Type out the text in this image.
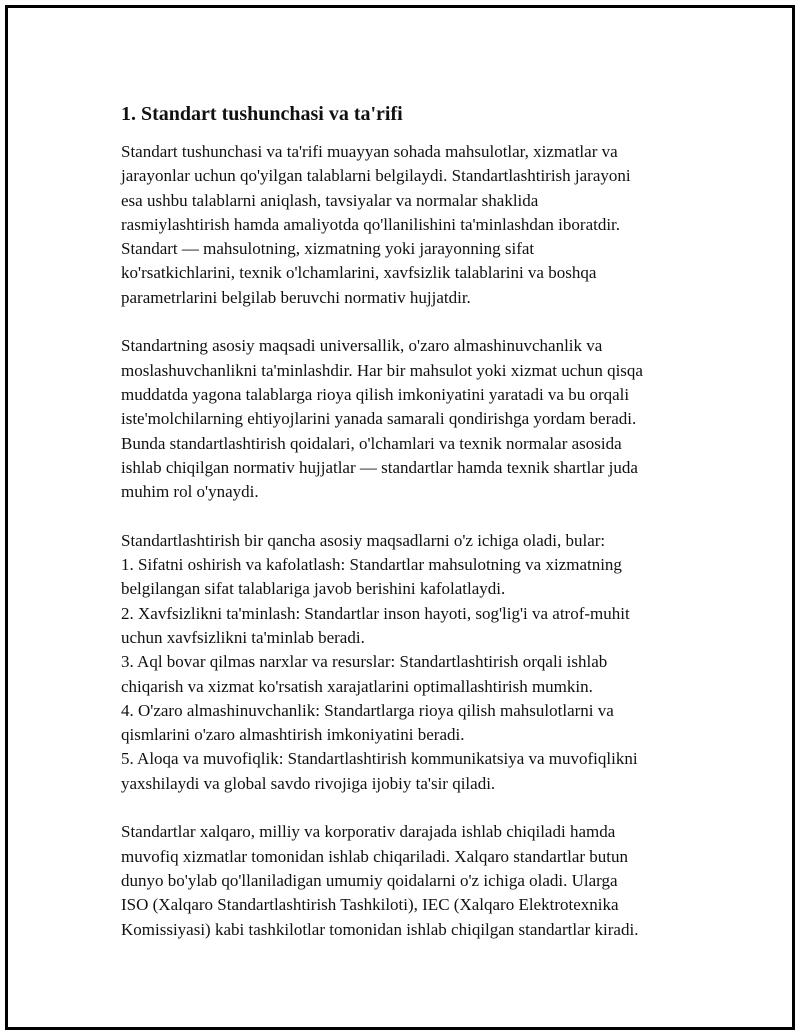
1. Standart tushunchasi va ta'rifi

Standart tushunchasi va ta'rifi muayyan sohada mahsulotlar, xizmatlar va
jarayonlar uchun qo'yilgan talablarni belgilaydi. Standartlashtirish jarayoni
esa ushbu talablarni aniqlash, tavsiyalar va normalar shaklida
rasmiylashtirish hamda amaliyotda qo'llanilishini ta'minlashdan iboratdir.
Standart — mahsulotning, xizmatning yoki jarayonning sifat
ko'rsatkichlarini, texnik o'lchamlarini, xavfsizlik talablarini va boshqa
parametrlarini belgilab beruvchi normativ hujjatdir.

Standartning asosiy maqsadi universallik, o'zaro almashinuvchanlik va
moslashuvchanlikni ta'minlashdir. Har bir mahsulot yoki xizmat uchun qisqa
muddatda yagona talablarga rioya qilish imkoniyatini yaratadi va bu orqali
iste'molchilarning ehtiyojlarini yanada samarali qondirishga yordam beradi.
Bunda standartlashtirish qoidalari, o'lchamlari va texnik normalar asosida
ishlab chiqilgan normativ hujjatlar — standartlar hamda texnik shartlar juda
muhim rol o'ynaydi.

Standartlashtirish bir qancha asosiy maqsadlarni o'z ichiga oladi, bular:
1. Sifatni oshirish va kafolatlash: Standartlar mahsulotning va xizmatning
belgilangan sifat talablariga javob berishini kafolatlaydi.
2. Xavfsizlikni ta'minlash: Standartlar inson hayoti, sog'lig'i va atrof-muhit
uchun xavfsizlikni ta'minlab beradi.
3. Aql bovar qilmas narxlar va resurslar: Standartlashtirish orqali ishlab
chiqarish va xizmat ko'rsatish xarajatlarini optimallashtirish mumkin.
4. O'zaro almashinuvchanlik: Standartlarga rioya qilish mahsulotlarni va
qismlarini o'zaro almashtirish imkoniyatini beradi.
5. Aloqa va muvofiqlik: Standartlashtirish kommunikatsiya va muvofiqlikni
yaxshilaydi va global savdo rivojiga ijobiy ta'sir qiladi.

Standartlar xalqaro, milliy va korporativ darajada ishlab chiqiladi hamda
muvofiq xizmatlar tomonidan ishlab chiqariladi. Xalqaro standartlar butun
dunyo bo'ylab qo'llaniladigan umumiy qoidalarni o'z ichiga oladi. Ularga
ISO (Xalqaro Standartlashtirish Tashkiloti), IEC (Xalqaro Elektrotexnika
Komissiyasi) kabi tashkilotlar tomonidan ishlab chiqilgan standartlar kiradi.
